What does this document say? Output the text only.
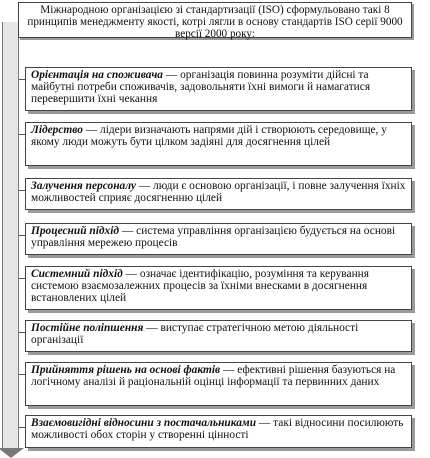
Міжнародною організацією зі стандартизації (ISO) сформульовано такі 8 принципів менеджменту якості, котрі лягли в основу стандартів ISO серії 9000 версії 2000 року:
Орієнтація на споживача — організація повинна розуміти дійсні та майбутні потреби споживачів, задовольняти їхні вимоги й намагатися перевершити їхні чекання
Лідерство — лідери визначають напрями дій і створюють середовище, у якому люди можуть бути цілком задіяні для досягнення цілей
Залучення персоналу — люди є основою організації, і повне залучення їхніх можливостей сприяє досягненню цілей
Процесний підхід — система управління організацією будується на основі управління мережею процесів
Системний підхід — означає ідентифікацію, розуміння та керування системою взаємозалежних процесів за їхніми внесками в досягнення встановлених цілей
Постійне поліпшення — виступає стратегічною метою діяльності організації
Прийняття рішень на основі фактів — ефективні рішення базуються на логічному аналізі й раціональній оцінці інформації та первинних даних
Взаємовигідні відносини з постачальниками — такі відносини посилюють можливості обох сторін у створенні цінності
